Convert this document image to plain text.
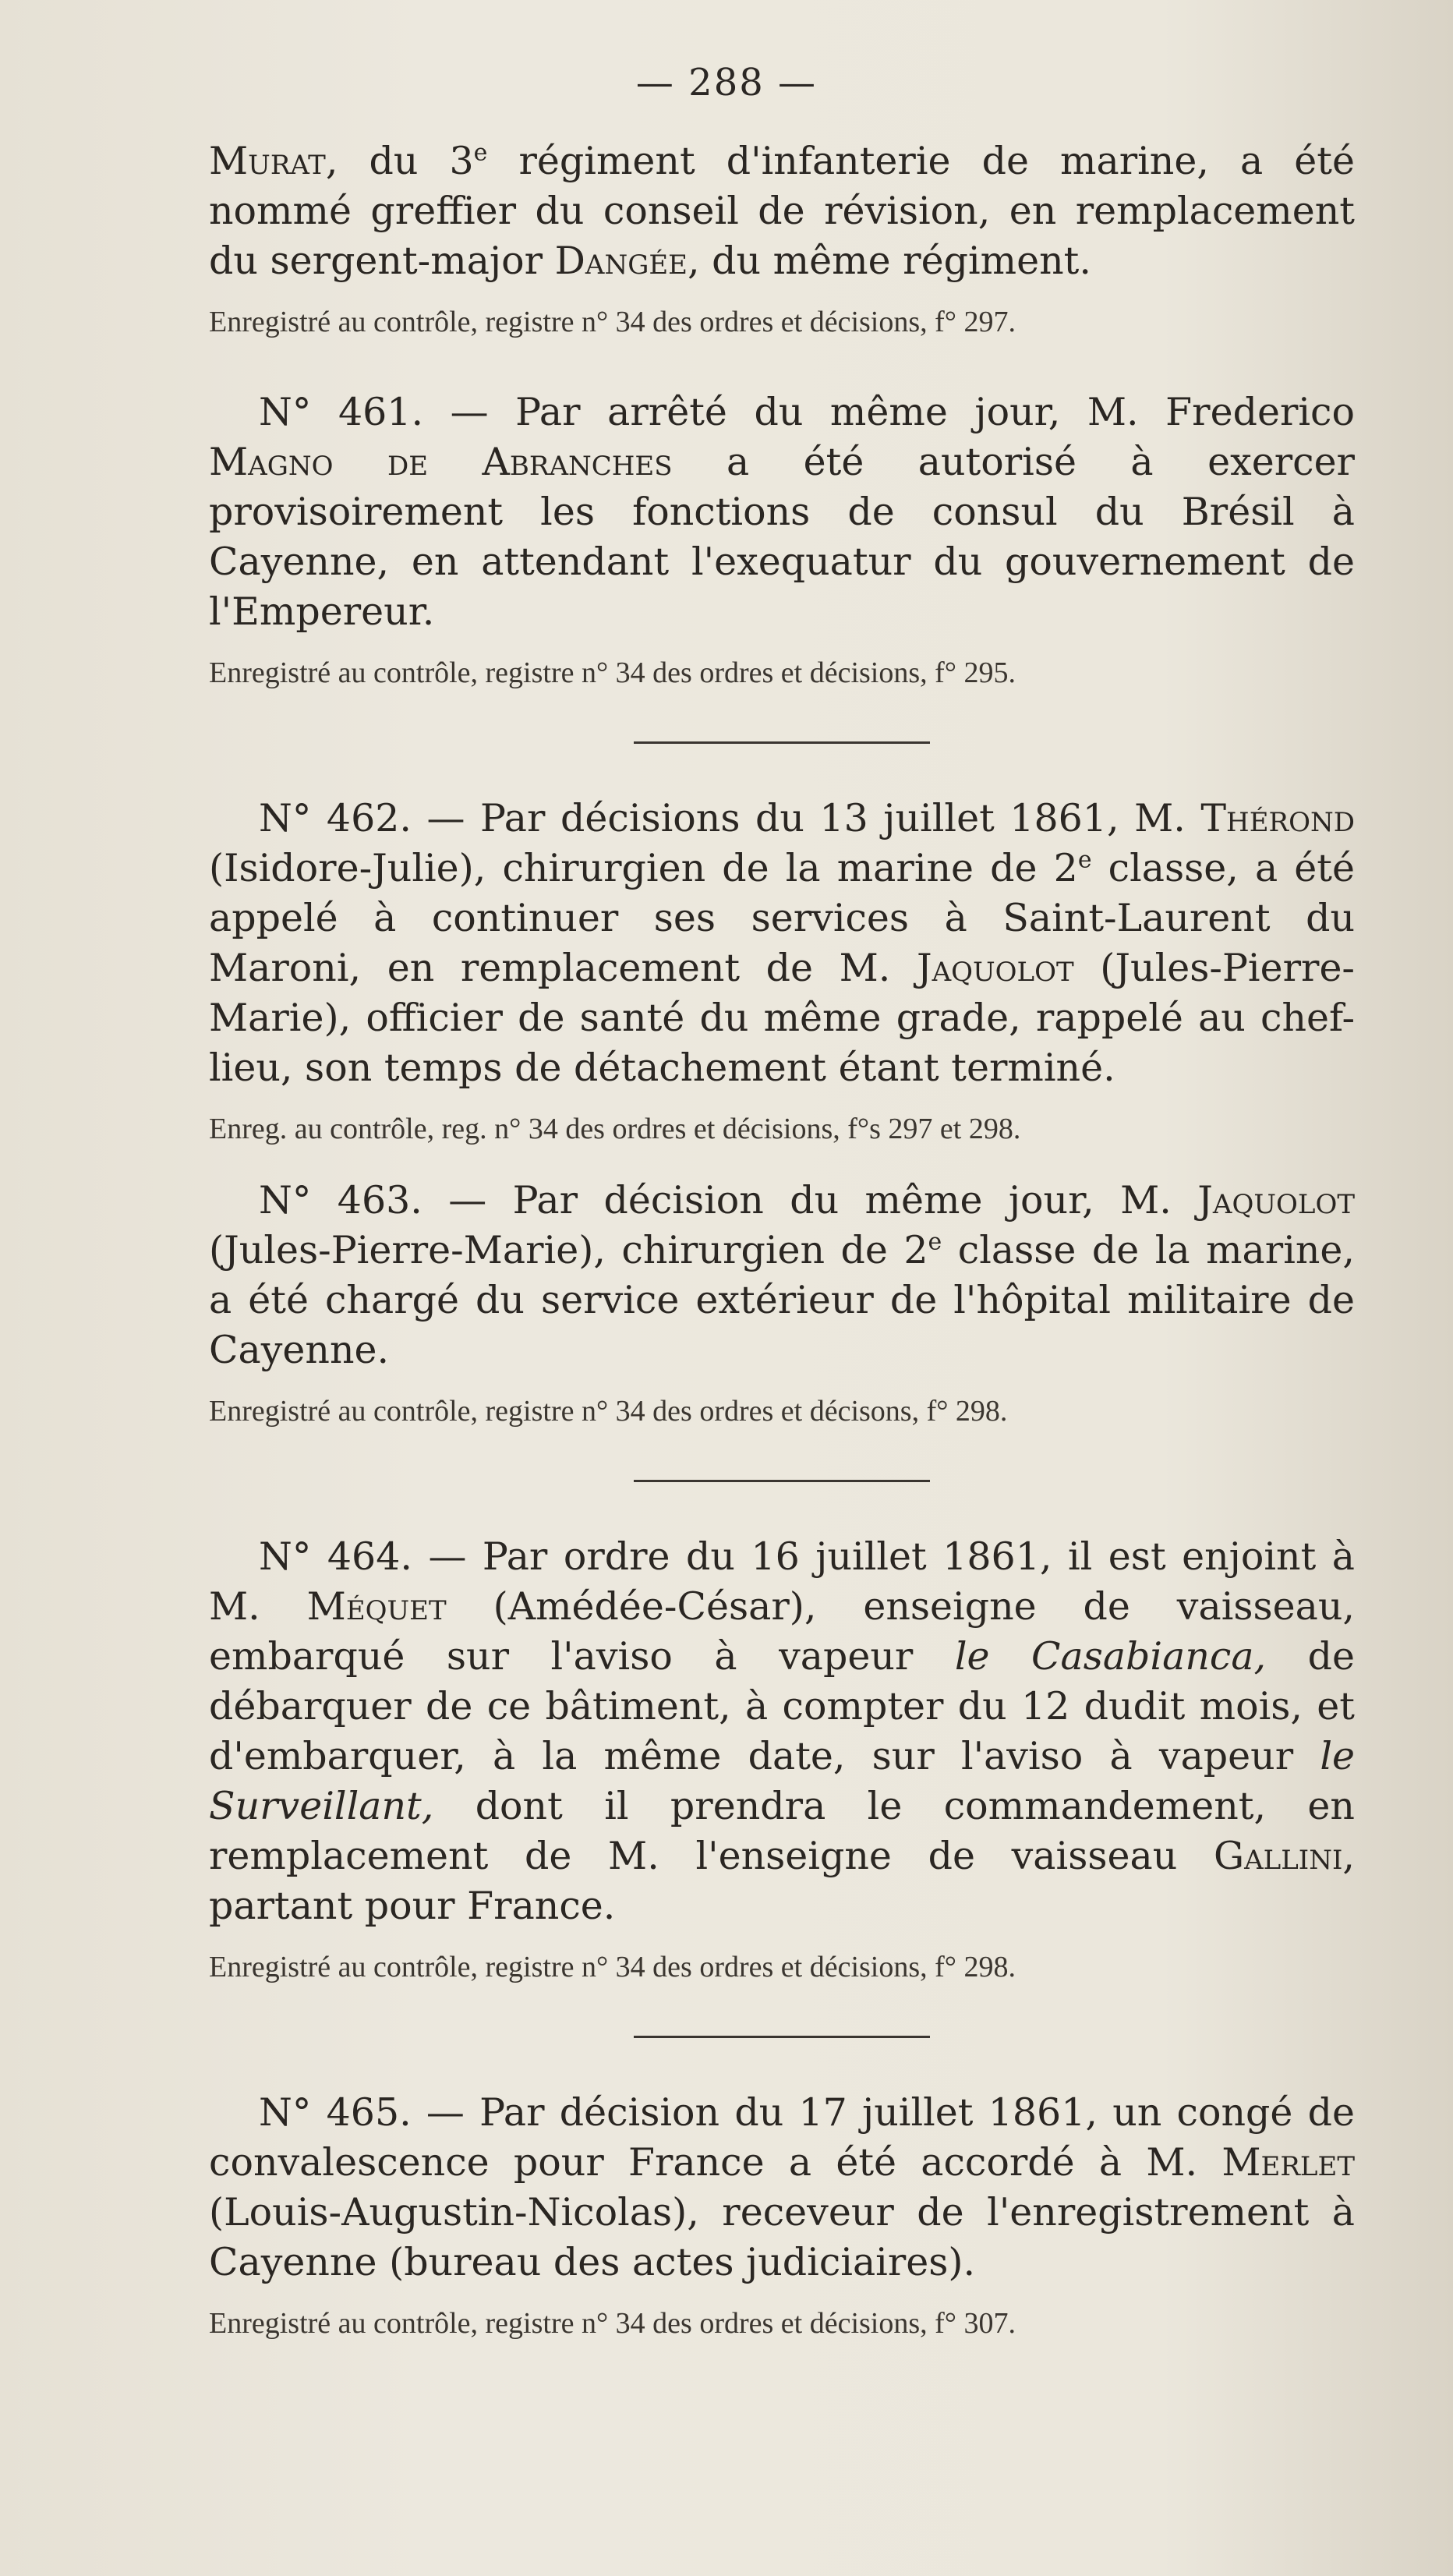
— 288 —

Murat, du 3e régiment d'infanterie de marine, a été nommé greffier du conseil de révision, en remplacement du sergent-major Dangée, du même régiment.

Enregistré au contrôle, registre n° 34 des ordres et décisions, f° 297.

N° 461. — Par arrêté du même jour, M. Frederico Magno de Abranches a été autorisé à exercer provisoirement les fonctions de consul du Brésil à Cayenne, en attendant l'exequatur du gouvernement de l'Empereur.

Enregistré au contrôle, registre n° 34 des ordres et décisions, f° 295.

N° 462. — Par décisions du 13 juillet 1861, M. Thérond (Isidore-Julie), chirurgien de la marine de 2e classe, a été appelé à continuer ses services à Saint-Laurent du Maroni, en remplacement de M. Jaquolot (Jules-Pierre-Marie), officier de santé du même grade, rappelé au chef-lieu, son temps de détachement étant terminé.

Enreg. au contrôle, reg. n° 34 des ordres et décisions, f°s 297 et 298.

N° 463. — Par décision du même jour, M. Jaquolot (Jules-Pierre-Marie), chirurgien de 2e classe de la marine, a été chargé du service extérieur de l'hôpital militaire de Cayenne.

Enregistré au contrôle, registre n° 34 des ordres et décisons, f° 298.

N° 464. — Par ordre du 16 juillet 1861, il est enjoint à M. Méquet (Amédée-César), enseigne de vaisseau, embarqué sur l'aviso à vapeur le Casabianca, de débarquer de ce bâtiment, à compter du 12 dudit mois, et d'embarquer, à la même date, sur l'aviso à vapeur le Surveillant, dont il prendra le commandement, en remplacement de M. l'enseigne de vaisseau Gallini, partant pour France.

Enregistré au contrôle, registre n° 34 des ordres et décisions, f° 298.

N° 465. — Par décision du 17 juillet 1861, un congé de convalescence pour France a été accordé à M. Merlet (Louis-Augustin-Nicolas), receveur de l'enregistrement à Cayenne (bureau des actes judiciaires).

Enregistré au contrôle, registre n° 34 des ordres et décisions, f° 307.
